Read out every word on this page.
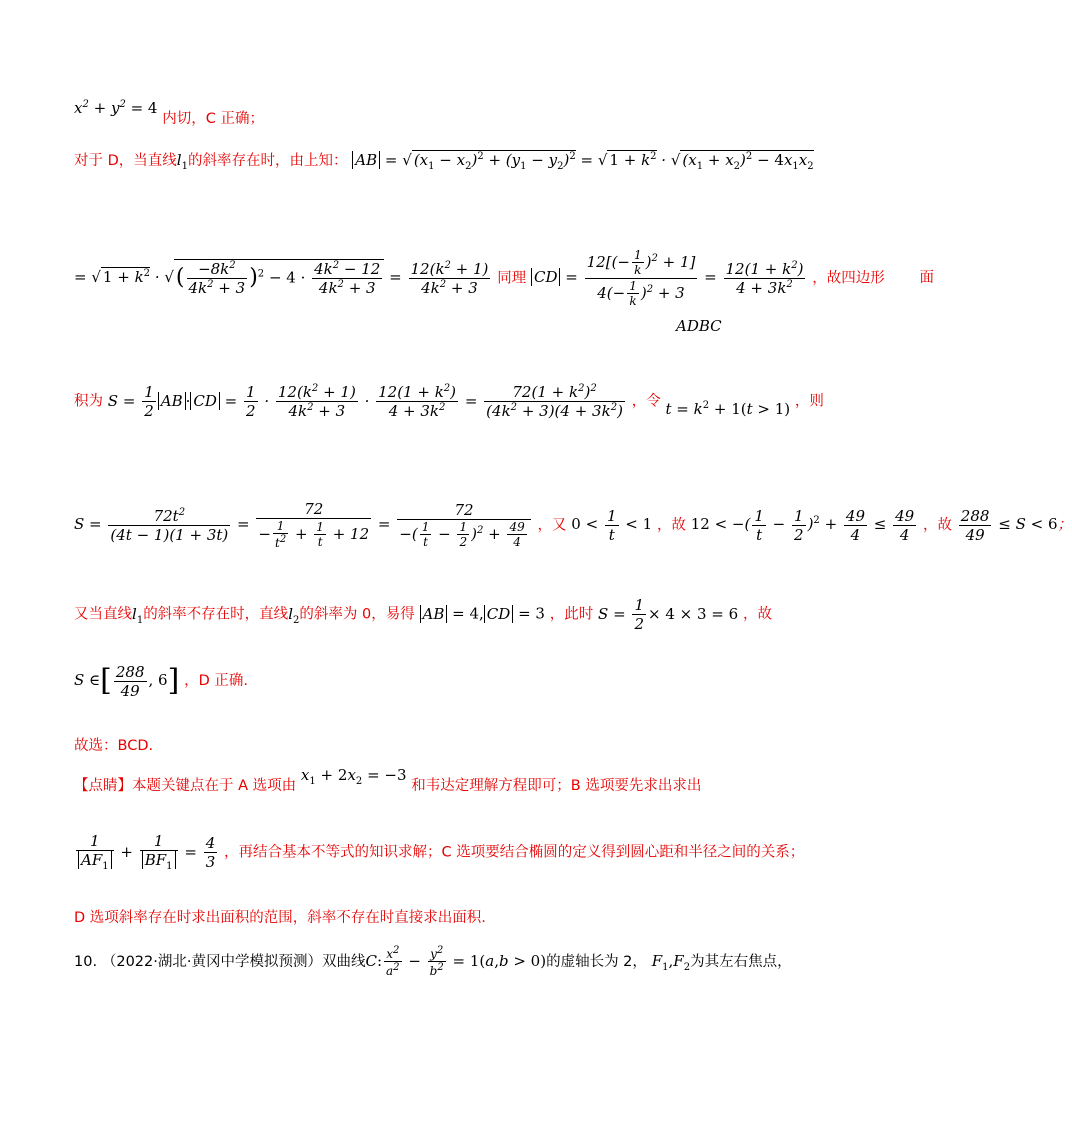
$x^2 + y^2 = 4$ 内切，C 正确；
对于 D，当直线$l_1$的斜率存在时，由上知： AB = √ $(x_1 - x_2)^2 + (y_1 - y_2)^2$ = √ $1 + k^2$ · √ $(x_1 + x_2)^2 - 4x_1x_2$
= √ $1 + k^2$ · √( $\frac{-8k^2}{4k^2 + 3} )^2 - 4 \cdot \frac{4k^2 - 12}{4k^2 + 3} = \frac{12(k^2 + 1)}{4k^2 + 3}$ 同理 CD = $\frac{12[(- \frac{1}{k} )^2 + 1]}{4(- \frac{1}{k} )^2 + 3} = \frac{12(1 + k^2)}{4 + 3k^2}$ ，故四边形 面
ADBC
积为 $S = \frac{1}{2}$ AB · CD = $\frac{1}{2} \cdot \frac{12(k^2 + 1)}{4k^2 + 3} \cdot \frac{12(1 + k^2)}{4 + 3k^2} = \frac{72(1 + k^2)^2}{(4k^2 + 3)(4 + 3k^2)}$ ，令 $t = k^2 + 1(t > 1)$ ，则
$S = \frac{72t^2}{(4t - 1)(1 + 3t)} = \frac{72}{- \frac{1}{t^2} + \frac{1}{t} + 12} = \frac{72}{-( \frac{1}{t} - \frac{1}{2} )^2 + \frac{49}{4}}$ ，又 $0 < \frac{1}{t} < 1$ ，故 12 < −( $\frac{1}{t} - \frac{1}{2} )^2 + \frac{49}{4} \le \frac{49}{4}$ ，故 $\frac{288}{49} \le S < 6$；
又当直线$l_1$的斜率不存在时，直线$l_2$的斜率为 0，易得 AB = 4, CD = 3 ，此时 $S = \frac{1}{2} \times 4 \times 3 = 6$ ，故
S ∈[ $\frac{288}{49}$ , 6] ，D 正确.
故选：BCD.
【点睛】本题关键点在于 A 选项由 $x_1 + 2x_2 = -3$ 和韦达定理解方程即可；B 选项要先求出求出
$\frac{1}{AF_1} + \frac{1}{BF_1} = \frac{4}{3}$ ，再结合基本不等式的知识求解；C 选项要结合椭圆的定义得到圆心距和半径之间的关系；
D 选项斜率存在时求出面积的范围，斜率不存在时直接求出面积.
10. （2022·湖北·黄冈中学模拟预测）双曲线C: $\frac{x^2}{a^2} - \frac{y^2}{b^2} = 1(a,b > 0)$的虚轴长为 2， $F_1,F_2$为其左右焦点，
